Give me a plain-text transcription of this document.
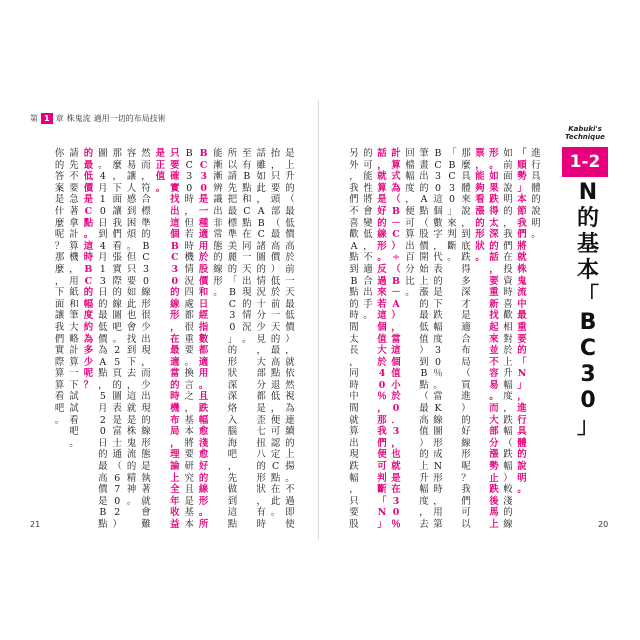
第 1 章 株鬼流 適用一切的布局技術
Kabuki's
Technique
1-2
N
的
基
本
「
B
C
3
0
」
進
行
具
體
的
說
明
。
「
順
勢
」
本
節
我
們
將
就
株
鬼
流
中
最
重
要
的
「
N
」
，
進
行
具
體
的
說
明
。
如
前
面
說
明
的
，
我
們
在
投
資
時
喜
歡
相
對
於
上
升
幅
度
，
跌
幅
（
跌
幅
）
較
淺
的
線
形
。
如
果
跌
得
太
深
的
話
，
要
重
新
找
起
來
並
不
容
易
。
而
大
部
分
漲
勢
止
跌
後
馬
上
票
，
能
夠
看
漲
的
形
狀
。
那
麼
具
體
來
說
，
到
底
跌
得
多
深
才
是
適
合
布
局
（
買
進
）
的
好
線
形
呢
？
我
們
可
以
「
B
C
3
0
」
來
判
斷
。
B
C
3
0
這
個
數
字
，
代
表
的
是
下
跌
幅
度
3
0
％
。
當
K
線
圖
形
成
N
形
時
，
用
第
筆
畫
出
的
A
點
（
股
價
開
始
上
漲
的
最
低
值
）
到
B
點
（
最
高
值
）
的
上
升
幅
度
，
去
回
檔
幅
度
，
便
可
算
出
百
分
比
。
計
算
式
為
（
B
－
C
）
÷
（
B
－
A
）
，
當
這
個
值
小
於
0
．
3
，
也
就
是
在
3
0
％
話
，
就
算
是
好
的
線
形
。
反
過
來
若
這
個
值
大
於
4
0
％
，
那
我
們
便
可
判
斷
「
N
」
的
可
能
性
將
會
變
低
，
不
適
合
出
手
。
另
外
，
我
們
不
喜
歡
A
點
到
B
點
的
時
間
太
長
，
同
時
中
間
就
算
出
現
跌
幅
，
只
要
股
是
上
升
的
（
最
低
價
高
於
前
一
天
最
低
價
）
，
就
依
然
視
為
連
續
的
上
揚
。
不
過
即
使
抬
，
只
要
頭
部
（
最
高
價
）
低
於
前
一
天
的
最
高
點
退
低
，
便
可
認
定
C
點
在
此
。
話
雖
如
此
，
A
B
C
諸
圖
的
情
況
十
分
少
見
，
大
部
分
都
是
歪
七
扭
八
的
形
狀
，
有
時
至
有
B
點
和
C
點
在
同
一
天
出
現
的
情
況
。
所
以
請
先
把
最
標
準
美
麗
的
「
B
C
3
0
」
的
形
狀
深
深
烙
入
腦
海
吧
，
先
做
到
這
點
能
漸
漸
辨
識
出
非
常
態
的
線
形
。
B
C
3
0
是
一
種
適
用
於
股
價
和
日
經
指
數
都
適
用
。
且
跌
幅
愈
淺
愈
好
的
線
形
。
所
B
C
3
0
時
，
但
若
時
機
情
況
四
處
都
很
重
要
。
換
言
之
，
基
本
將
要
研
究
且
是
基
本
只
要
確
實
找
出
這
個
B
C
3
0
的
線
形
，
在
最
適
當
的
時
機
布
局
，
理
論
上
全
年
收
益
是
正
值
。
然
而
，
符
合
標
準
的
B
C
3
0
線
形
很
少
出
現
，
而
少
出
現
的
線
形
態
是
執
著
就
會
難
容
易
讓
人
感
到
困
煩
。
但
只
要
如
此
也
會
找
到
下
去
，
這
就
是
株
鬼
流
的
精
神
。
那
麼
，
下
面
讓
我
們
看
張
實
際
的
線
圖
吧
。
2
5
頁
的
圖
表
是
富
士
通
（
6
7
0
2
）
圖
。
4
月
1
0
日
到
4
月
1
3
日
的
最
低
價
為
A
點
，
5
月
2
0
日
的
最
高
價
是
B
點
的
最
低
價
是
C
點
。
這
時
B
C
的
幅
度
約
為
多
少
呢
？
請
先
不
要
急
著
拿
計
算
機
，
用
紙
和
筆
大
略
計
算
一
下
試
試
看
吧
。
你
的
答
案
是
什
麼
呢
？
那
麼
，
下
面
讓
我
們
實
際
算
算
看
吧
。
21	20
